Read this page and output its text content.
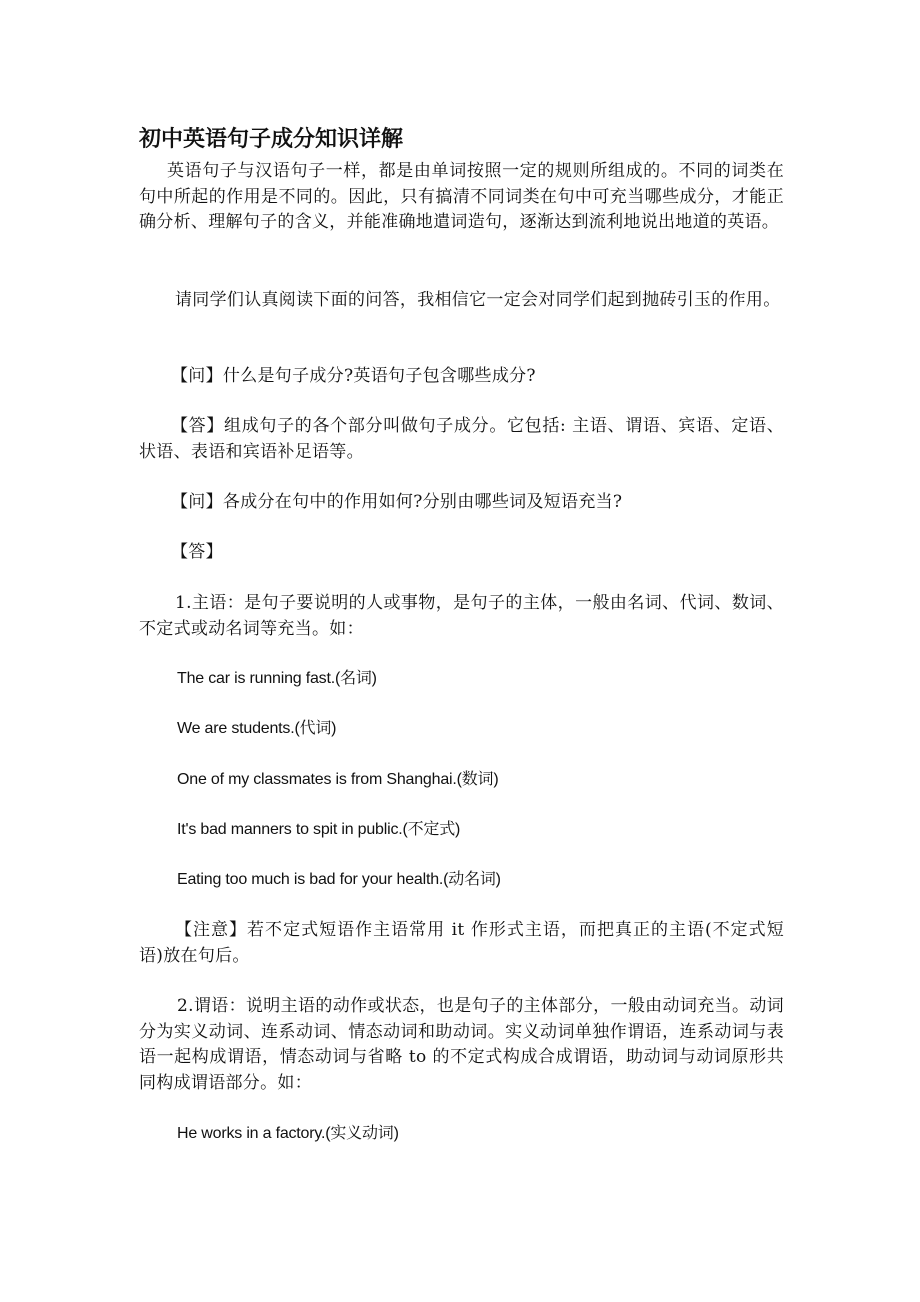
初中英语句子成分知识详解
英语句子与汉语句子一样，都是由单词按照一定的规则所组成的。不同的词类在句中所起的作用是不同的。因此，只有搞清不同词类在句中可充当哪些成分，才能正确分析、理解句子的含义，并能准确地遣词造句，逐渐达到流利地说出地道的英语。
请同学们认真阅读下面的问答，我相信它一定会对同学们起到抛砖引玉的作用。
【问】什么是句子成分?英语句子包含哪些成分?
【答】组成句子的各个部分叫做句子成分。它包括: 主语、谓语、宾语、定语、状语、表语和宾语补足语等。
【问】各成分在句中的作用如何?分别由哪些词及短语充当?
【答】
1.主语：是句子要说明的人或事物，是句子的主体，一般由名词、代词、数词、不定式或动名词等充当。如：
The car is running fast.(名词)
We are students.(代词)
One of my classmates is from Shanghai.(数词)
It's bad manners to spit in public.(不定式)
Eating too much is bad for your health.(动名词)
【注意】若不定式短语作主语常用 it 作形式主语，而把真正的主语(不定式短语)放在句后。
2.谓语：说明主语的动作或状态，也是句子的主体部分，一般由动词充当。动词分为实义动词、连系动词、情态动词和助动词。实义动词单独作谓语，连系动词与表语一起构成谓语，情态动词与省略 to 的不定式构成合成谓语，助动词与动词原形共同构成谓语部分。如：
He works in a factory.(实义动词)
